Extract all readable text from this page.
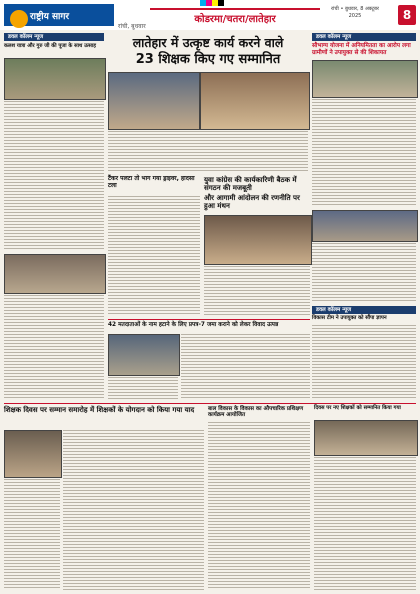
राष्ट्रीय सागर
रांची, बुधवार
कोडरमा/चतरा/लातेहार
रांची • बुधवार, 8 अक्टूबर 2025	8
डवल कॉलम न्यूज
कलश यात्रा और गुरु जी की पूजा के साथ उत्साह	लातेहार में उत्कृष्ट कार्य करने वाले
23 शिक्षक किए गए सम्मानित
डवल कॉलम न्यूज
सौभाग्य योजना में अनियमितता का आरोप लगा ग्रामीणों ने उपायुक्त से की शिकायत
डवल कॉलम न्यूज
विकास टीम ने उपायुक्त को सौंपा ज्ञापन
टैंकर पलटा तो भाग गया ड्राइवर, हादसा टला
युवा कांग्रेस की कार्यकारिणी बैठक में संगठन की मजबूती
और आगामी आंदोलन की रणनीति पर हुआ मंथन
42 मतदाताओं के नाम हटाने के लिए प्रपत्र-7 जमा कराने को लेकर विवाद उत्पन्न
शिक्षक दिवस पर सम्मान समारोह में शिक्षकों के योगदान को किया गया याद	बाल विकास के विकास का औपचारिक प्रशिक्षण कार्यक्रम आयोजित
दिवस पर नए शिक्षकों को सम्मानित किया गया
